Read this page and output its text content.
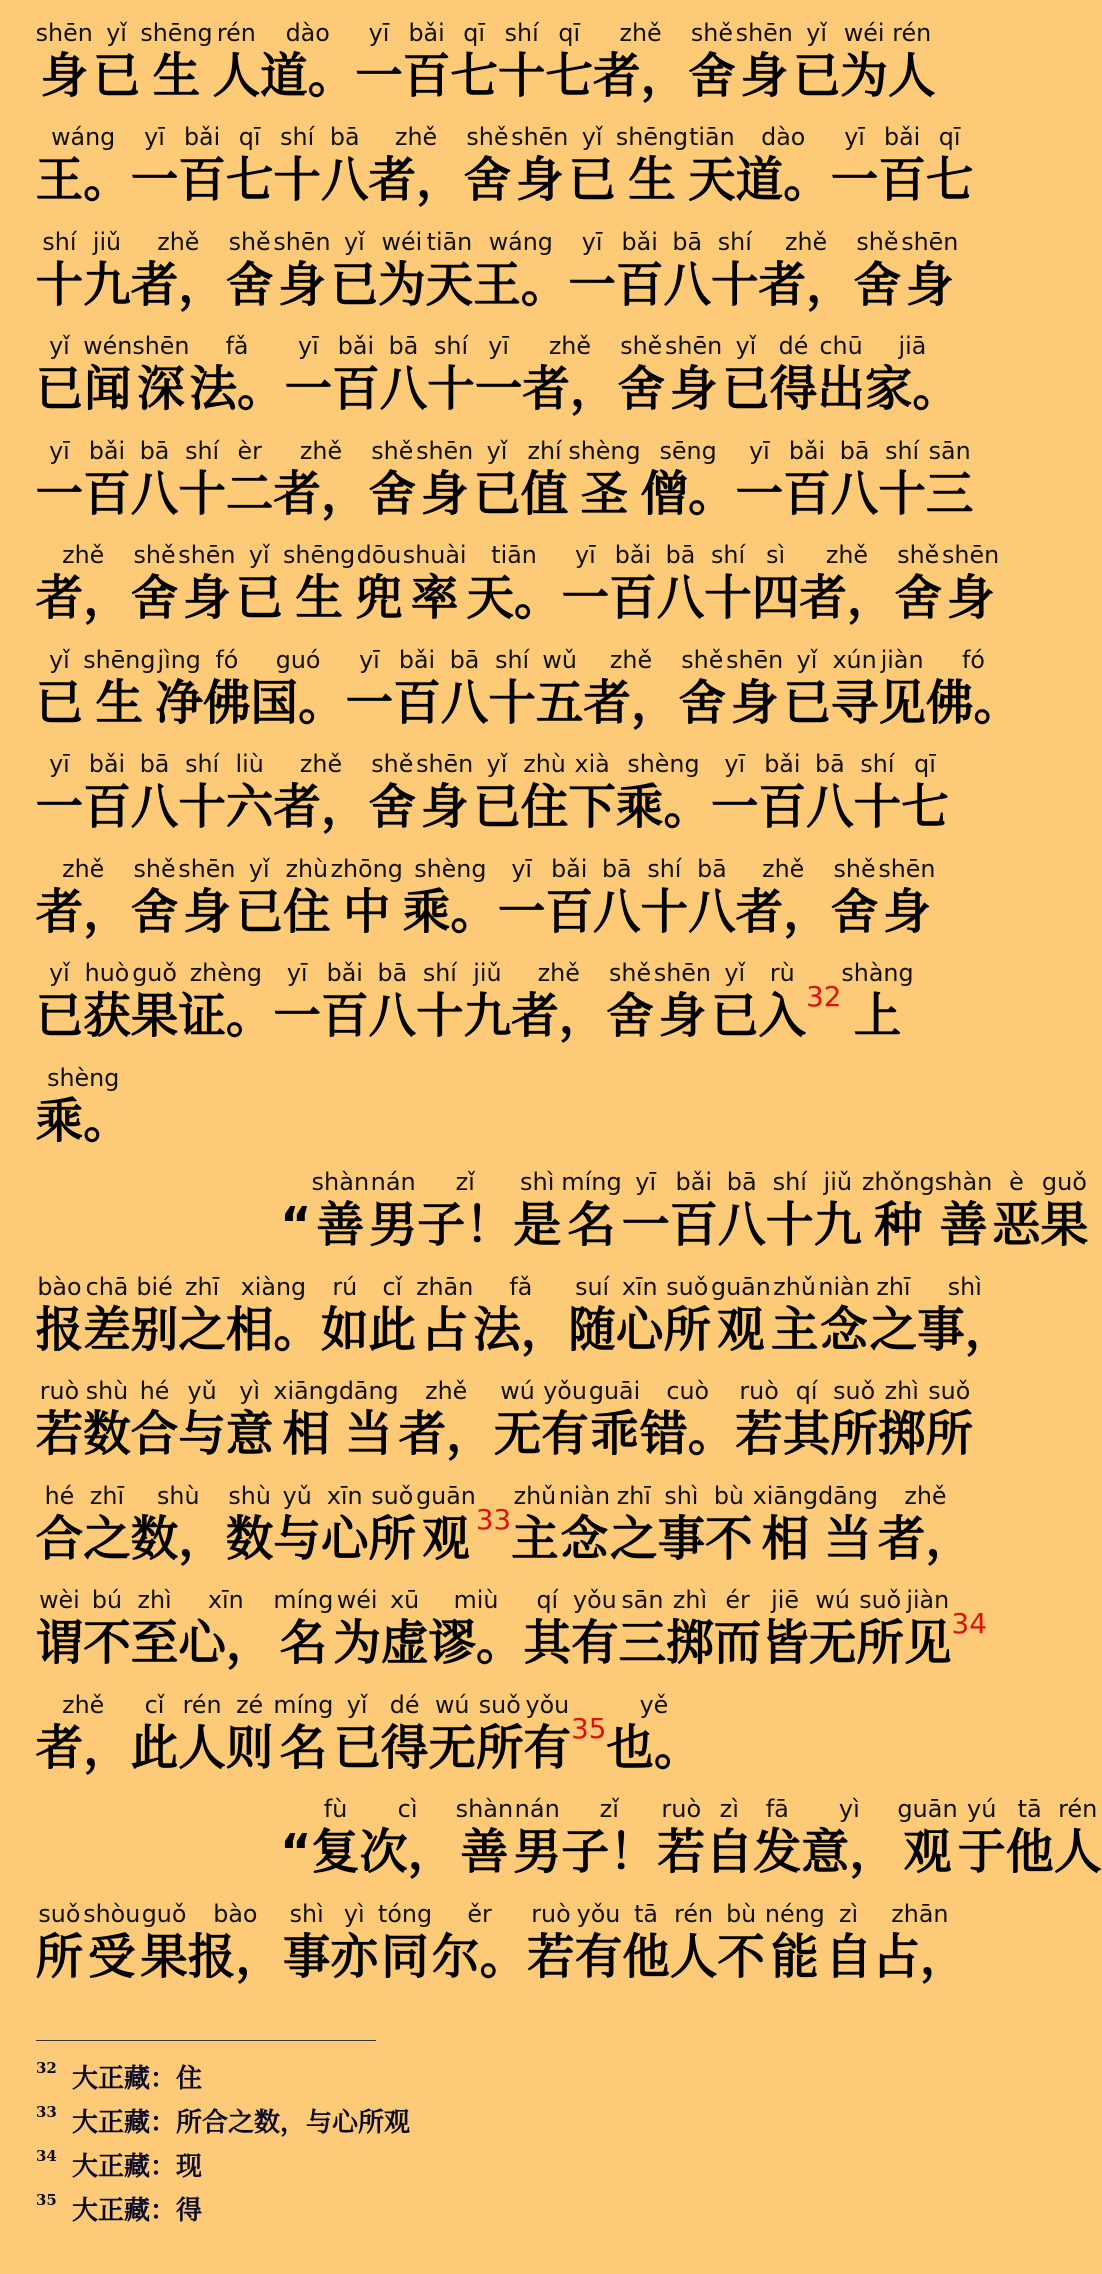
shēn
身
yǐ
已
shēng
生
rén
人
dào
道。
yī
一
bǎi
百
qī
七
shí
十
qī
七
zhě
者，
shě
舍
shēn
身
yǐ
已
wéi
为
rén
人
wáng
王。
yī
一
bǎi
百
qī
七
shí
十
bā
八
zhě
者，
shě
舍
shēn
身
yǐ
已
shēng
生
tiān
天
dào
道。
yī
一
bǎi
百
qī
七
shí
十
jiǔ
九
zhě
者，
shě
舍
shēn
身
yǐ
已
wéi
为
tiān
天
wáng
王。
yī
一
bǎi
百
bā
八
shí
十
zhě
者，
shě
舍
shēn
身
yǐ
已
wén
闻
shēn
深
fǎ
法。
yī
一
bǎi
百
bā
八
shí
十
yī
一
zhě
者，
shě
舍
shēn
身
yǐ
已
dé
得
chū
出
jiā
家。
yī
一
bǎi
百
bā
八
shí
十
èr
二
zhě
者，
shě
舍
shēn
身
yǐ
已
zhí
值
shèng
圣
sēng
僧。
yī
一
bǎi
百
bā
八
shí
十
sān
三
zhě
者，
shě
舍
shēn
身
yǐ
已
shēng
生
dōu
兜
shuài
率
tiān
天。
yī
一
bǎi
百
bā
八
shí
十
sì
四
zhě
者，
shě
舍
shēn
身
yǐ
已
shēng
生
jìng
净
fó
佛
guó
国。
yī
一
bǎi
百
bā
八
shí
十
wǔ
五
zhě
者，
shě
舍
shēn
身
yǐ
已
xún
寻
jiàn
见
fó
佛。
yī
一
bǎi
百
bā
八
shí
十
liù
六
zhě
者，
shě
舍
shēn
身
yǐ
已
zhù
住
xià
下
shèng
乘。
yī
一
bǎi
百
bā
八
shí
十
qī
七
zhě
者，
shě
舍
shēn
身
yǐ
已
zhù
住
zhōng
中
shèng
乘。
yī
一
bǎi
百
bā
八
shí
十
bā
八
zhě
者，
shě
舍
shēn
身
yǐ
已
huò
获
guǒ
果
zhèng
证。
yī
一
bǎi
百
bā
八
shí
十
jiǔ
九
zhě
者，
shě
舍
shēn
身
yǐ
已
rù
入 32
shàng
上
shèng
乘。
“
shàn
善
nán
男
zǐ
子！
shì
是
míng
名
yī
一
bǎi
百
bā
八
shí
十
jiǔ
九
zhǒng
种
shàn
善
è
恶
guǒ
果
bào
报
chā
差
bié
别
zhī
之
xiàng
相。
rú
如
cǐ
此
zhān
占
fǎ
法，
suí
随
xīn
心
suǒ
所
guān
观
zhǔ
主
niàn
念
zhī
之
shì
事，
ruò
若
shù
数
hé
合
yǔ
与
yì
意
xiāng
相
dāng
当
zhě
者，
wú
无
yǒu
有
guāi
乖
cuò
错。
ruò
若
qí
其
suǒ
所
zhì
掷
suǒ
所
hé
合
zhī
之
shù
数，
shù
数
yǔ
与
xīn
心
suǒ
所
guān
观 33
zhǔ
主
niàn
念
zhī
之
shì
事
bù
不
xiāng
相
dāng
当
zhě
者，
wèi
谓
bú
不
zhì
至
xīn
心，
míng
名
wéi
为
xū
虚
miù
谬。
qí
其
yǒu
有
sān
三
zhì
掷
ér
而
jiē
皆
wú
无
suǒ
所
jiàn
见 34
zhě
者，
cǐ
此
rén
人
zé
则
míng
名
yǐ
已
dé
得
wú
无
suǒ
所
yǒu
有 35
yě
也。
“
fù
复
cì
次，
shàn
善
nán
男
zǐ
子！
ruò
若
zì
自
fā
发
yì
意，
guān
观
yú
于
tā
他
rén
人
suǒ
所
shòu
受
guǒ
果
bào
报，
shì
事
yì
亦
tóng
同
ěr
尔。
ruò
若
yǒu
有
tā
他
rén
人
bù
不
néng
能
zì
自
zhān
占，
32 大正藏：住
33 大正藏：所合之数，与心所观
34 大正藏：现
35 大正藏：得
